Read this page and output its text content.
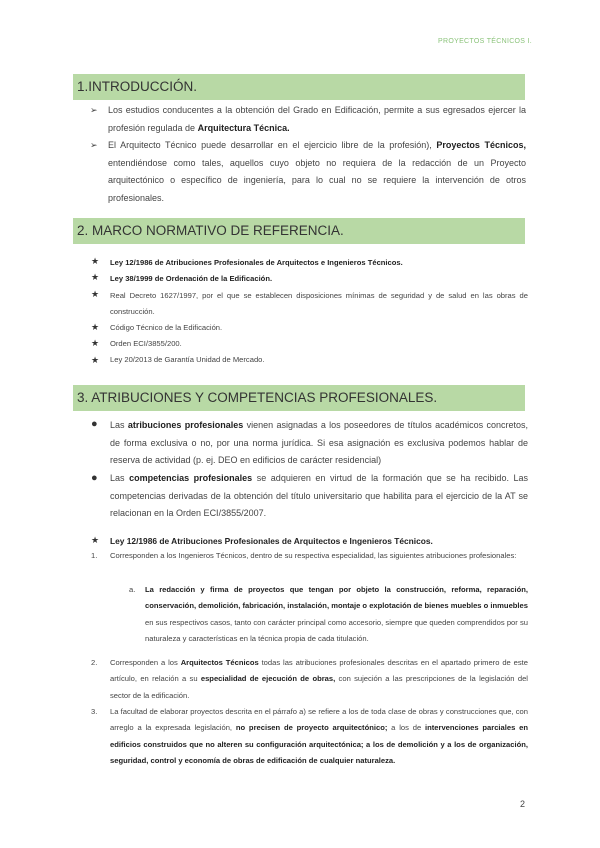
PROYECTOS TÉCNICOS I.
1.INTRODUCCIÓN.
➢ Los estudios conducentes a la obtención del Grado en Edificación, permite a sus egresados ejercer la profesión regulada de Arquitectura Técnica.
➢ El Arquitecto Técnico puede desarrollar en el ejercicio libre de la profesión), Proyectos Técnicos, entendiéndose como tales, aquellos cuyo objeto no requiera de la redacción de un Proyecto arquitectónico o específico de ingeniería, para lo cual no se requiere la intervención de otros profesionales.
2. MARCO NORMATIVO DE REFERENCIA.
★ Ley 12/1986 de Atribuciones Profesionales de Arquitectos e Ingenieros Técnicos.
★ Ley 38/1999 de Ordenación de la Edificación.
★ Real Decreto 1627/1997, por el que se establecen disposiciones mínimas de seguridad y de salud en las obras de construcción.
★ Código Técnico de la Edificación.
★ Orden ECI/3855/200.
★ Ley 20/2013 de Garantía Unidad de Mercado.
3. ATRIBUCIONES Y COMPETENCIAS PROFESIONALES.
● Las atribuciones profesionales vienen asignadas a los poseedores de títulos académicos concretos, de forma exclusiva o no, por una norma jurídica. Si esa asignación es exclusiva podemos hablar de reserva de actividad (p. ej. DEO en edificios de carácter residencial)
● Las competencias profesionales se adquieren en virtud de la formación que se ha recibido. Las competencias derivadas de la obtención del título universitario que habilita para el ejercicio de la AT se relacionan en la Orden ECI/3855/2007.
★ Ley 12/1986 de Atribuciones Profesionales de Arquitectos e Ingenieros Técnicos.
1. Corresponden a los Ingenieros Técnicos, dentro de su respectiva especialidad, las siguientes atribuciones profesionales:
a. La redacción y firma de proyectos que tengan por objeto la construcción, reforma, reparación, conservación, demolición, fabricación, instalación, montaje o explotación de bienes muebles o inmuebles en sus respectivos casos, tanto con carácter principal como accesorio, siempre que queden comprendidos por su naturaleza y características en la técnica propia de cada titulación.
2. Corresponden a los Arquitectos Técnicos todas las atribuciones profesionales descritas en el apartado primero de este artículo, en relación a su especialidad de ejecución de obras, con sujeción a las prescripciones de la legislación del sector de la edificación.
3. La facultad de elaborar proyectos descrita en el párrafo a) se refiere a los de toda clase de obras y construcciones que, con arreglo a la expresada legislación, no precisen de proyecto arquitectónico; a los de intervenciones parciales en edificios construidos que no alteren su configuración arquitectónica; a los de demolición y a los de organización, seguridad, control y economía de obras de edificación de cualquier naturaleza.
2
